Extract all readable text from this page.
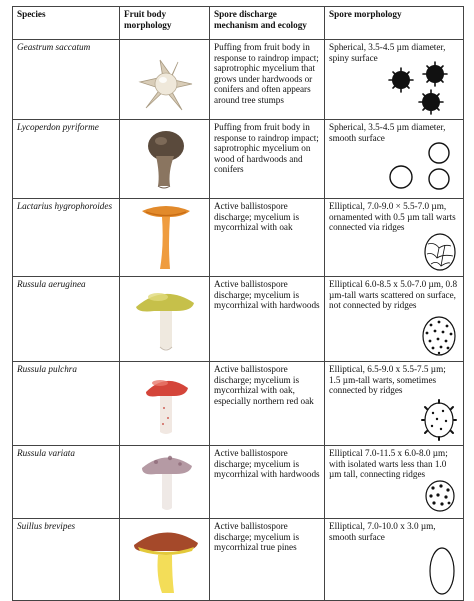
Species	Fruit body morphology	Spore discharge mechanism and ecology	Spore morphology
Geastrum saccatum		Puffing from fruit body in response to raindrop impact; saprotrophic mycelium that grows under hardwoods or conifers and often appears around tree stumps	Spherical, 3.5-4.5 µm diameter, spiny surface

Lycoperdon pyriforme		Puffing from fruit body in response to raindrop impact; saprotrophic mycelium on wood of hardwoods and conifers	Spherical, 3.5-4.5 µm diameter, smooth surface

Lactarius hygrophoroides		Active ballistospore discharge; mycelium is mycorrhizal with oak	Elliptical, 7.0-9.0 × 5.5-7.0 µm, ornamented with 0.5 µm tall warts connected via ridges

Russula aeruginea		Active ballistospore discharge; mycelium is mycorrhizal with hardwoods	Elliptical 6.0-8.5 x 5.0-7.0 µm, 0.8 µm-tall warts scattered on surface, not connected by ridges

Russula pulchra		Active ballistospore discharge; mycelium is mycorrhizal with oak, especially northern red oak	Elliptical, 6.5-9.0 x 5.5-7.5 µm; 1.5 µm-tall warts, sometimes connected by ridges

Russula variata		Active ballistospore discharge; mycelium is mycorrhizal with hardwoods	Elliptical 7.0-11.5 x 6.0-8.0 µm; with isolated warts less than 1.0 µm tall, connecting ridges

Suillus brevipes		Active ballistospore discharge; mycelium is mycorrhizal true pines	Elliptical, 7.0-10.0 x 3.0 µm, smooth surface
